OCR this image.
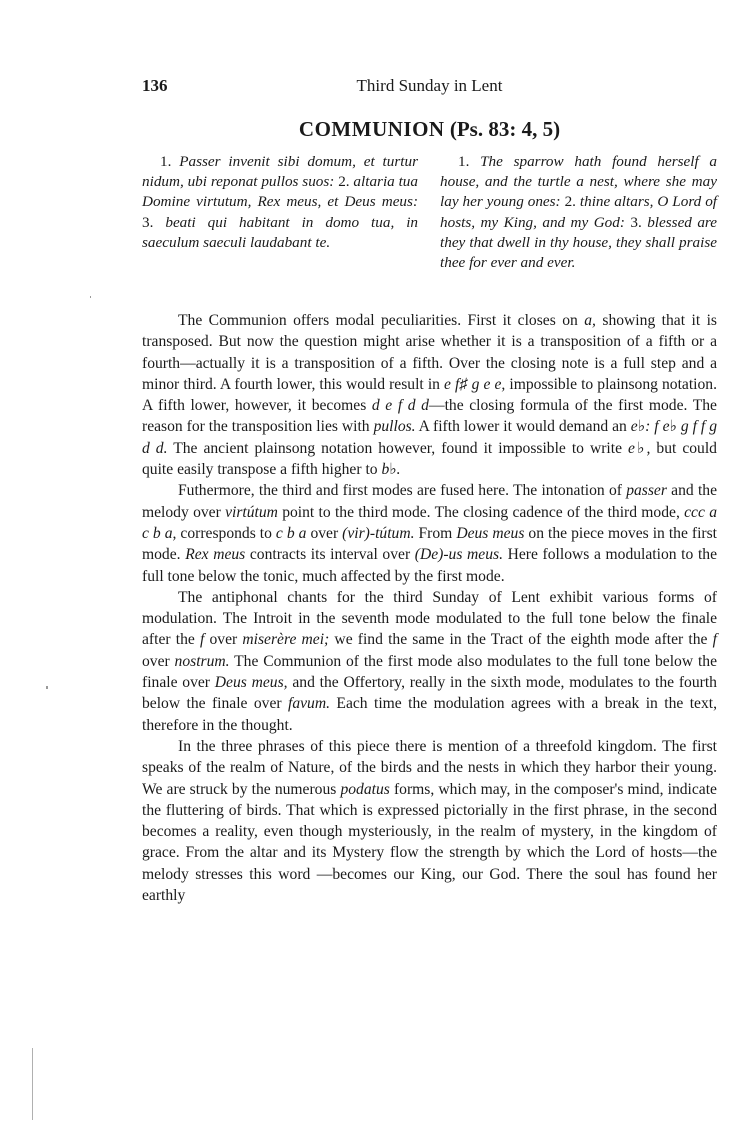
136	Third Sunday in Lent
COMMUNION (Ps. 83: 4, 5)
1. Passer invenit sibi domum, et turtur nidum, ubi reponat pullos suos: 2. altaria tua Domine virtutum, Rex meus, et Deus meus: 3. beati qui habitant in domo tua, in saeculum saeculi laudabant te.
1. The sparrow hath found herself a house, and the turtle a nest, where she may lay her young ones: 2. thine altars, O Lord of hosts, my King, and my God: 3. blessed are they that dwell in thy house, they shall praise thee for ever and ever.

The Communion offers modal peculiarities. First it closes on a, showing that it is transposed. But now the question might arise whether it is a transposition of a fifth or a fourth—actually it is a transposition of a fifth. Over the closing note is a full step and a minor third. A fourth lower, this would result in e f♯ g e e, impossible to plainsong notation. A fifth lower, however, it becomes d e f d d—the closing formula of the first mode. The reason for the transposition lies with pullos. A fifth lower it would demand an e♭: f e♭ g f f g d d. The ancient plainsong notation however, found it impossible to write e♭, but could quite easily transpose a fifth higher to b♭.

Futhermore, the third and first modes are fused here. The intonation of passer and the melody over virtútum point to the third mode. The closing cadence of the third mode, ccc a c b a, corresponds to c b a over (vir)-tútum. From Deus meus on the piece moves in the first mode. Rex meus contracts its interval over (De)-us meus. Here follows a modulation to the full tone below the tonic, much affected by the first mode.

The antiphonal chants for the third Sunday of Lent exhibit various forms of modulation. The Introit in the seventh mode modulated to the full tone below the finale after the f over miserère mei; we find the same in the Tract of the eighth mode after the f over nostrum. The Communion of the first mode also modulates to the full tone below the finale over Deus meus, and the Offertory, really in the sixth mode, modulates to the fourth below the finale over favum. Each time the modulation agrees with a break in the text, therefore in the thought.

In the three phrases of this piece there is mention of a threefold kingdom. The first speaks of the realm of Nature, of the birds and the nests in which they harbor their young. We are struck by the numerous podatus forms, which may, in the composer's mind, indicate the fluttering of birds. That which is expressed pictorially in the first phrase, in the second becomes a reality, even though mysteriously, in the realm of mystery, in the kingdom of grace. From the altar and its Mystery flow the strength by which the Lord of hosts—the melody stresses this word —becomes our King, our God. There the soul has found her earthly
